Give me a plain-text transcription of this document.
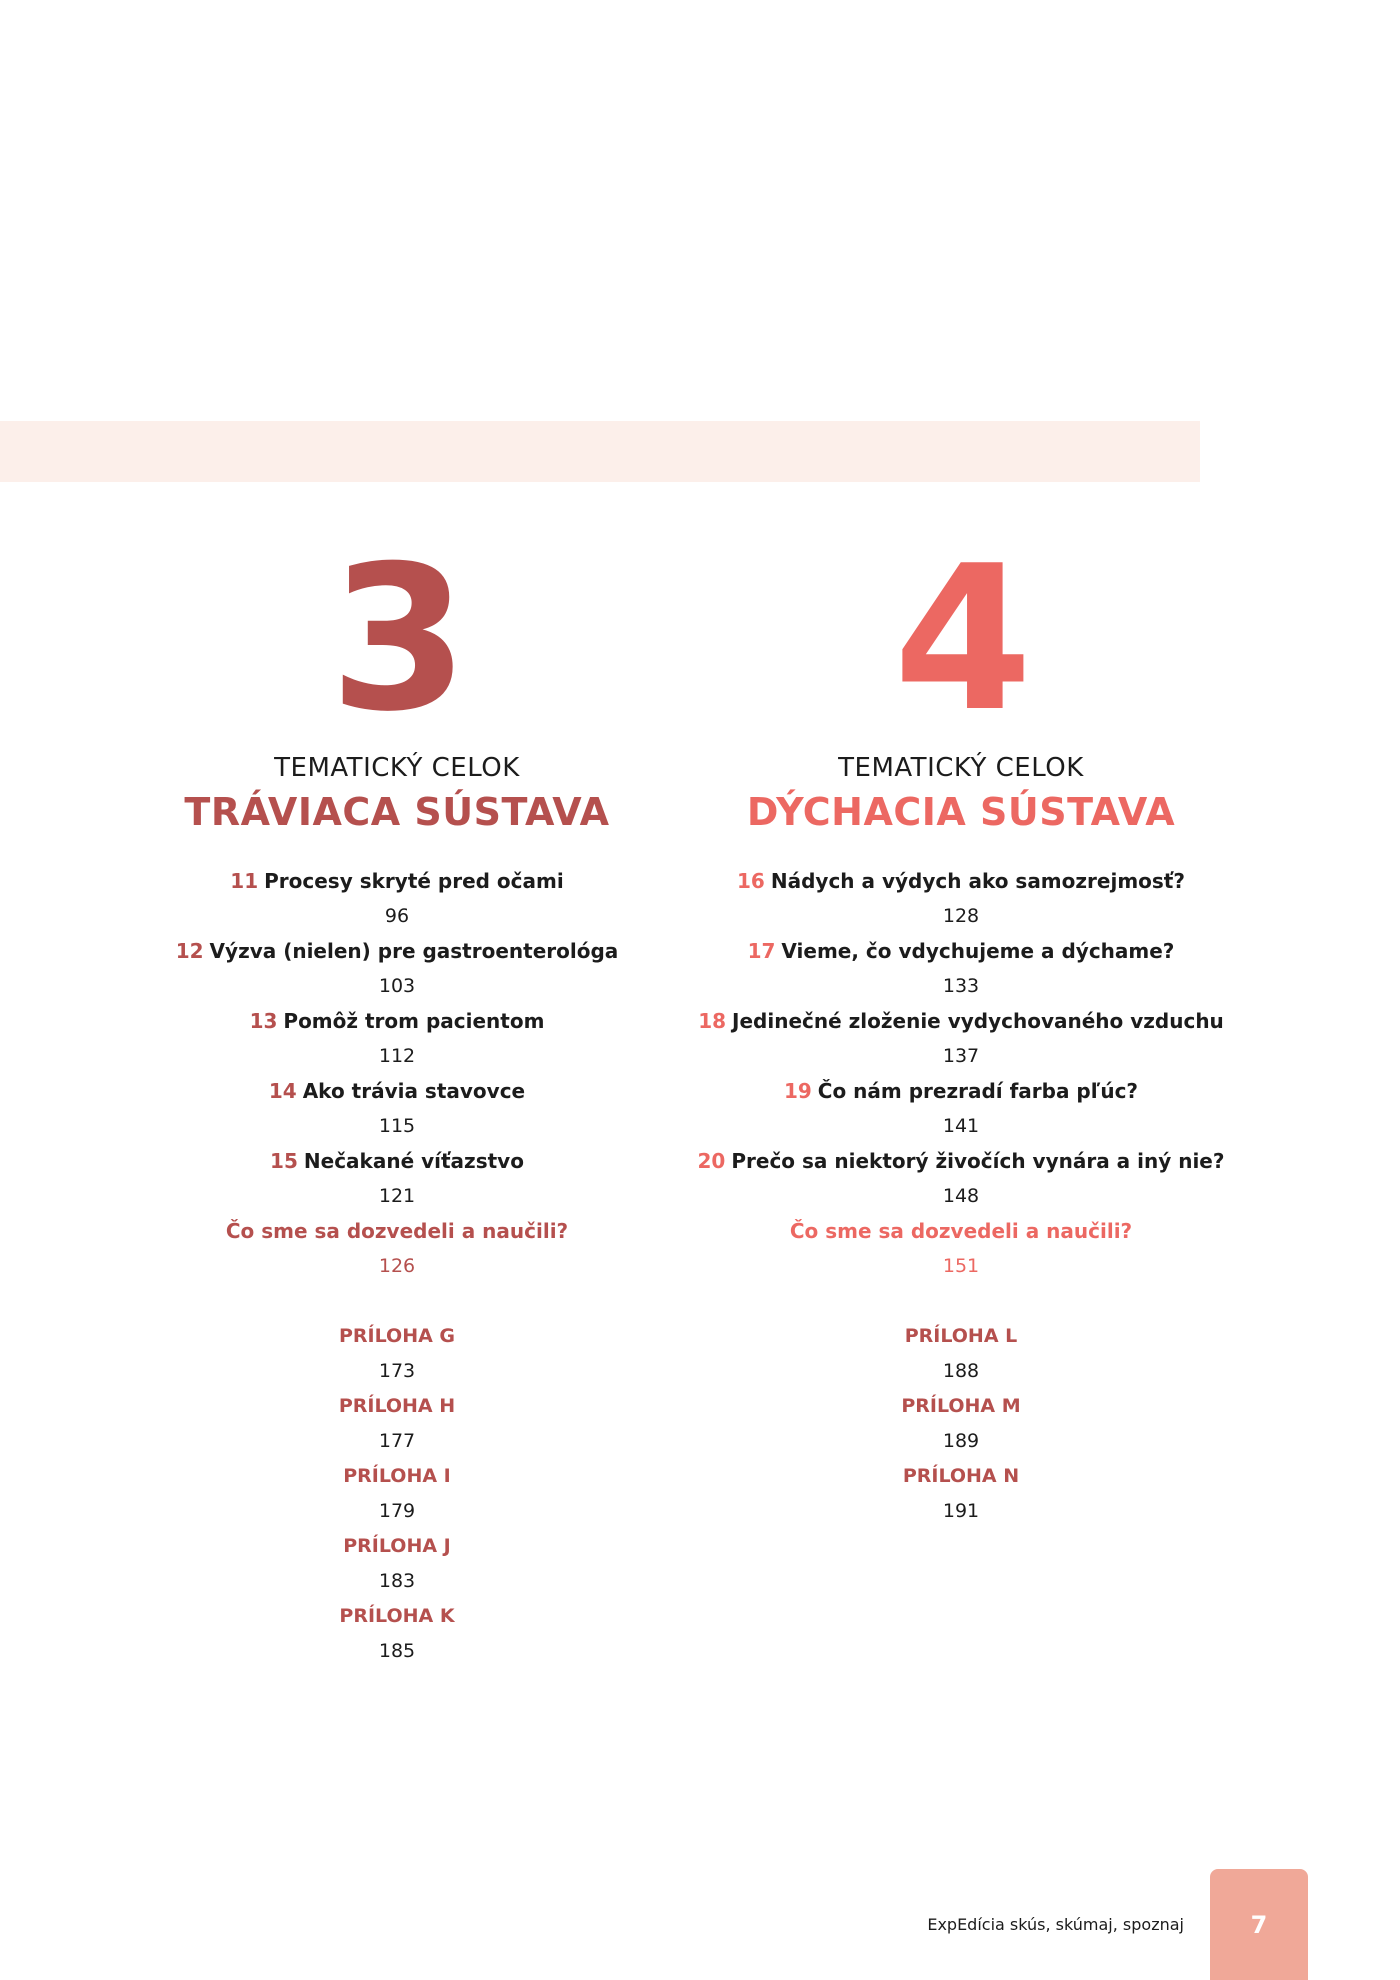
3
TEMATICKÝ CELOK
TRÁVIACA SÚSTAVA
11 Procesy skryté pred očami
96
12 Výzva (nielen) pre gastroenterológa
103
13 Pomôž trom pacientom
112
14 Ako trávia stavovce
115
15 Nečakané víťazstvo
121
Čo sme sa dozvedeli a naučili?
126
PRÍLOHA G
173
PRÍLOHA H
177
PRÍLOHA I
179
PRÍLOHA J
183
PRÍLOHA K
185
4
TEMATICKÝ CELOK
DÝCHACIA SÚSTAVA
16 Nádych a výdych ako samozrejmosť?
128
17 Vieme, čo vdychujeme a dýchame?
133
18 Jedinečné zloženie vydychovaného vzduchu
137
19 Čo nám prezradí farba pľúc?
141
20 Prečo sa niektorý živočích vynára a iný nie?
148
Čo sme sa dozvedeli a naučili?
151
PRÍLOHA L
188
PRÍLOHA M
189
PRÍLOHA N
191
ExpEdícia skús, skúmaj, spoznaj	7
